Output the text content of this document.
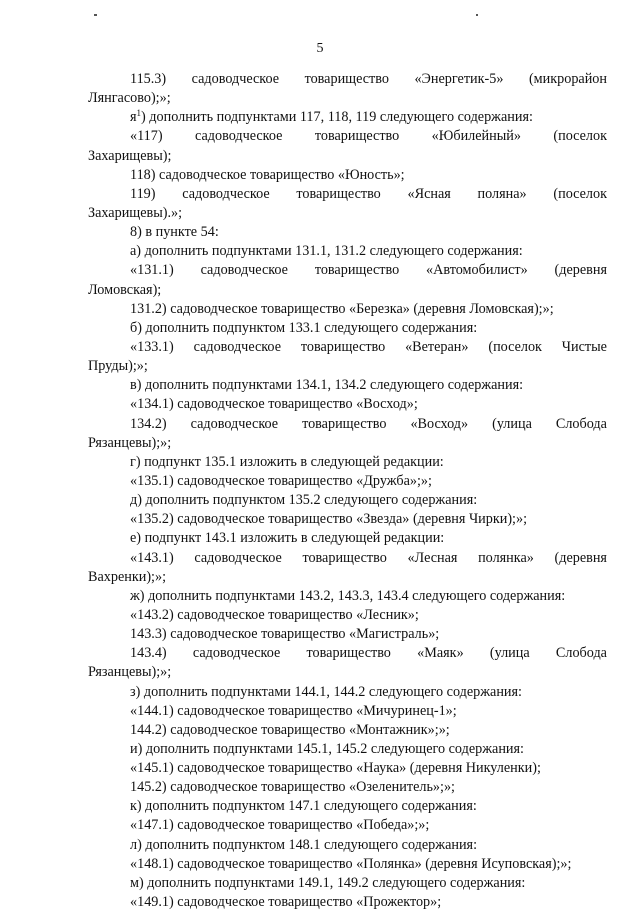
5
115.3) садоводческое товарищество «Энергетик-5» (микрорайон
Лянгасово);»;
$я^1$) дополнить подпунктами 117, 118, 119 следующего содержания:
«117) садоводческое товарищество «Юбилейный» (поселок
Захарищевы);
118) садоводческое товарищество «Юность»;
119) садоводческое товарищество «Ясная поляна» (поселок
Захарищевы).»;
8) в пункте 54:
а) дополнить подпунктами 131.1, 131.2 следующего содержания:
«131.1) садоводческое товарищество «Автомобилист» (деревня
Ломовская);
131.2) садоводческое товарищество «Березка» (деревня Ломовская);»;
б) дополнить подпунктом 133.1 следующего содержания:
«133.1) садоводческое товарищество «Ветеран» (поселок Чистые
Пруды);»;
в) дополнить подпунктами 134.1, 134.2 следующего содержания:
«134.1) садоводческое товарищество «Восход»;
134.2) садоводческое товарищество «Восход» (улица Слобода
Рязанцевы);»;
г) подпункт 135.1 изложить в следующей редакции:
«135.1) садоводческое товарищество «Дружба»;»;
д) дополнить подпунктом 135.2 следующего содержания:
«135.2) садоводческое товарищество «Звезда» (деревня Чирки);»;
е) подпункт 143.1 изложить в следующей редакции:
«143.1) садоводческое товарищество «Лесная полянка» (деревня
Вахренки);»;
ж) дополнить подпунктами 143.2, 143.3, 143.4 следующего содержания:
«143.2) садоводческое товарищество «Лесник»;
143.3) садоводческое товарищество «Магистраль»;
143.4) садоводческое товарищество «Маяк» (улица Слобода
Рязанцевы);»;
з) дополнить подпунктами 144.1, 144.2 следующего содержания:
«144.1) садоводческое товарищество «Мичуринец-1»;
144.2) садоводческое товарищество «Монтажник»;»;
и) дополнить подпунктами 145.1, 145.2 следующего содержания:
«145.1) садоводческое товарищество «Наука» (деревня Никуленки);
145.2) садоводческое товарищество «Озеленитель»;»;
к) дополнить подпунктом 147.1 следующего содержания:
«147.1) садоводческое товарищество «Победа»;»;
л) дополнить подпунктом 148.1 следующего содержания:
«148.1) садоводческое товарищество «Полянка» (деревня Исуповская);»;
м) дополнить подпунктами 149.1, 149.2 следующего содержания:
«149.1) садоводческое товарищество «Прожектор»;
